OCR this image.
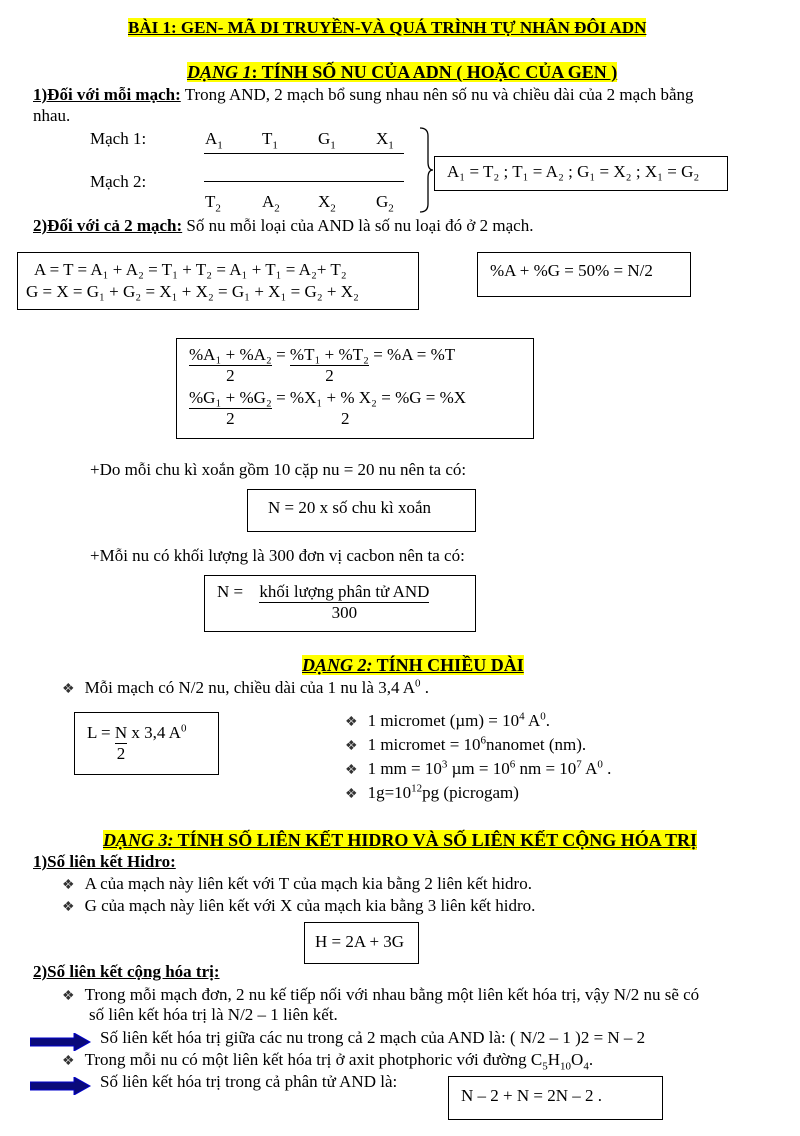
BÀI 1: GEN- MÃ DI TRUYỀN-VÀ QUÁ TRÌNH TỰ NHÂN ĐÔI ADN
DẠNG 1: TÍNH SỐ NU CỦA ADN ( HOẶC CỦA GEN )
1)Đối với mỗi mạch: Trong AND, 2 mạch bổ sung nhau nên số nu và chiều dài của 2 mạch bằng
nhau.
Mạch 1:
Mạch 2:
$A_1$ $T_1$ $G_1$ $X_1$
$T_2$ $A_2$ $X_2$ $G_2$
A₁ = T₂ ; T₁ = A₂ ; G₁ = X₂ ; X₁ = G₂
2)Đối với cả 2 mạch: Số nu mỗi loại của AND là số nu loại đó ở 2 mạch.
A = T = A₁ + A₂ = T₁ + T₂ = A₁ + T₁ = A₂+ T₂
G = X = G₁ + G₂ = X₁ + X₂ = G₁ + X₁ = G₂ + X₂
%A + %G = 50% = N/2
$\frac{\text{\%A₁ + \%A₂}}{2} = \frac{\text{\%T₁ + \%T₂}}{2} = \%A = \%T$
$\frac{\text{\%G₁ + \%G₂}}{2} = \%X_1$ + % X₂ = %G = %X
2
+Do mỗi chu kì xoắn gồm 10 cặp nu = 20 nu nên ta có:
N = 20 x số chu kì xoắn
+Mỗi nu có khối lượng là 300 đơn vị cacbon nên ta có:
$N = \frac{\text{khối lượng phân tử AND}}{300}$
DẠNG 2: TÍNH CHIỀU DÀI
❖ Mỗi mạch có N/2 nu, chiều dài của 1 nu là 3,4 $A^0$ .
$L = \frac{N}{2}$ x 3,4 $A^0$	❖ 1 micromet $(\mu m) = 10^4$ $A^0$.
❖ 1 micromet = $10^6nanomet$ (nm).
❖ 1 mm = $10^3$ $\mu m = 10^6$ nm = $10^7$ $A^0$ .
❖ $1g=10^{12}pg$ (picrogam)
DẠNG 3: TÍNH SỐ LIÊN KẾT HIDRO VÀ SỐ LIÊN KẾT CỘNG HÓA TRỊ
1)Số liên kết Hidro:
❖ A của mạch này liên kết với T của mạch kia bằng 2 liên kết hidro.
❖ G của mạch này liên kết với X của mạch kia bằng 3 liên kết hidro.
H = 2A + 3G
2)Số liên kết cộng hóa trị:
❖ Trong mỗi mạch đơn, 2 nu kế tiếp nối với nhau bằng một liên kết hóa trị, vậy N/2 nu sẽ có
số liên kết hóa trị là N/2 – 1 liên kết.
Số liên kết hóa trị giữa các nu trong cả 2 mạch của AND là: ( N/2 – 1 )2 = N – 2
❖ Trong mỗi nu có một liên kết hóa trị ở axit photphoric với đường $C_5H_{10}O_4$.
Số liên kết hóa trị trong cả phân tử AND là:
N – 2 + N = 2N – 2 .
